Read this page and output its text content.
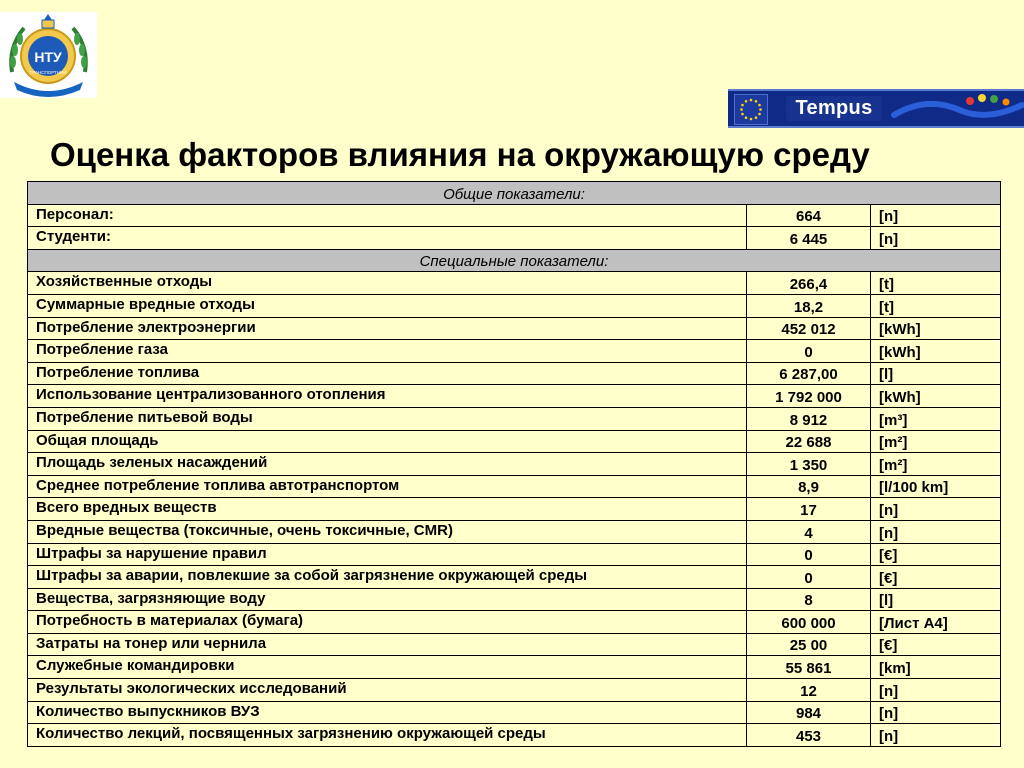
НТУ
ТРАНСПОРТНИЙ
IB_JEP-27115-2006_UMRU	Tempus
Оценка факторов влияния на окружающую среду
Общие показатели:		
Персонал:	664	[n]
Студенти:	6 445	[n]
Специальные показатели:		
Хозяйственные отходы	266,4	[t]
Суммарные вредные отходы	18,2	[t]
Потребление электроэнергии	452 012	[kWh]
Потребление газа	0	[kWh]
Потребление топлива	6 287,00	[l]
Использование централизованного отопления	1 792 000	[kWh]
Потребление питьевой воды	8 912	[m³]
Общая площадь	22 688	[m²]
Площадь зеленых насаждений	1 350	[m²]
Среднее потребление топлива автотранспортом	8,9	[l/100 km]
Всего вредных веществ	17	[n]
Вредные вещества (токсичные, очень токсичные, CMR)	4	[n]
Штрафы за нарушение правил	0	[€]
Штрафы за аварии, повлекшие за собой загрязнение окружающей среды	0	[€]
Вещества, загрязняющие воду	8	[l]
Потребность в материалах (бумага)	600 000	[Лист А4]
Затраты на тонер или чернила	25 00	[€]
Служебные командировки	55 861	[km]
Результаты экологических исследований	12	[n]
Количество выпускников ВУЗ	984	[n]
Количество лекций, посвященных загрязнению окружающей среды	453	[n]
